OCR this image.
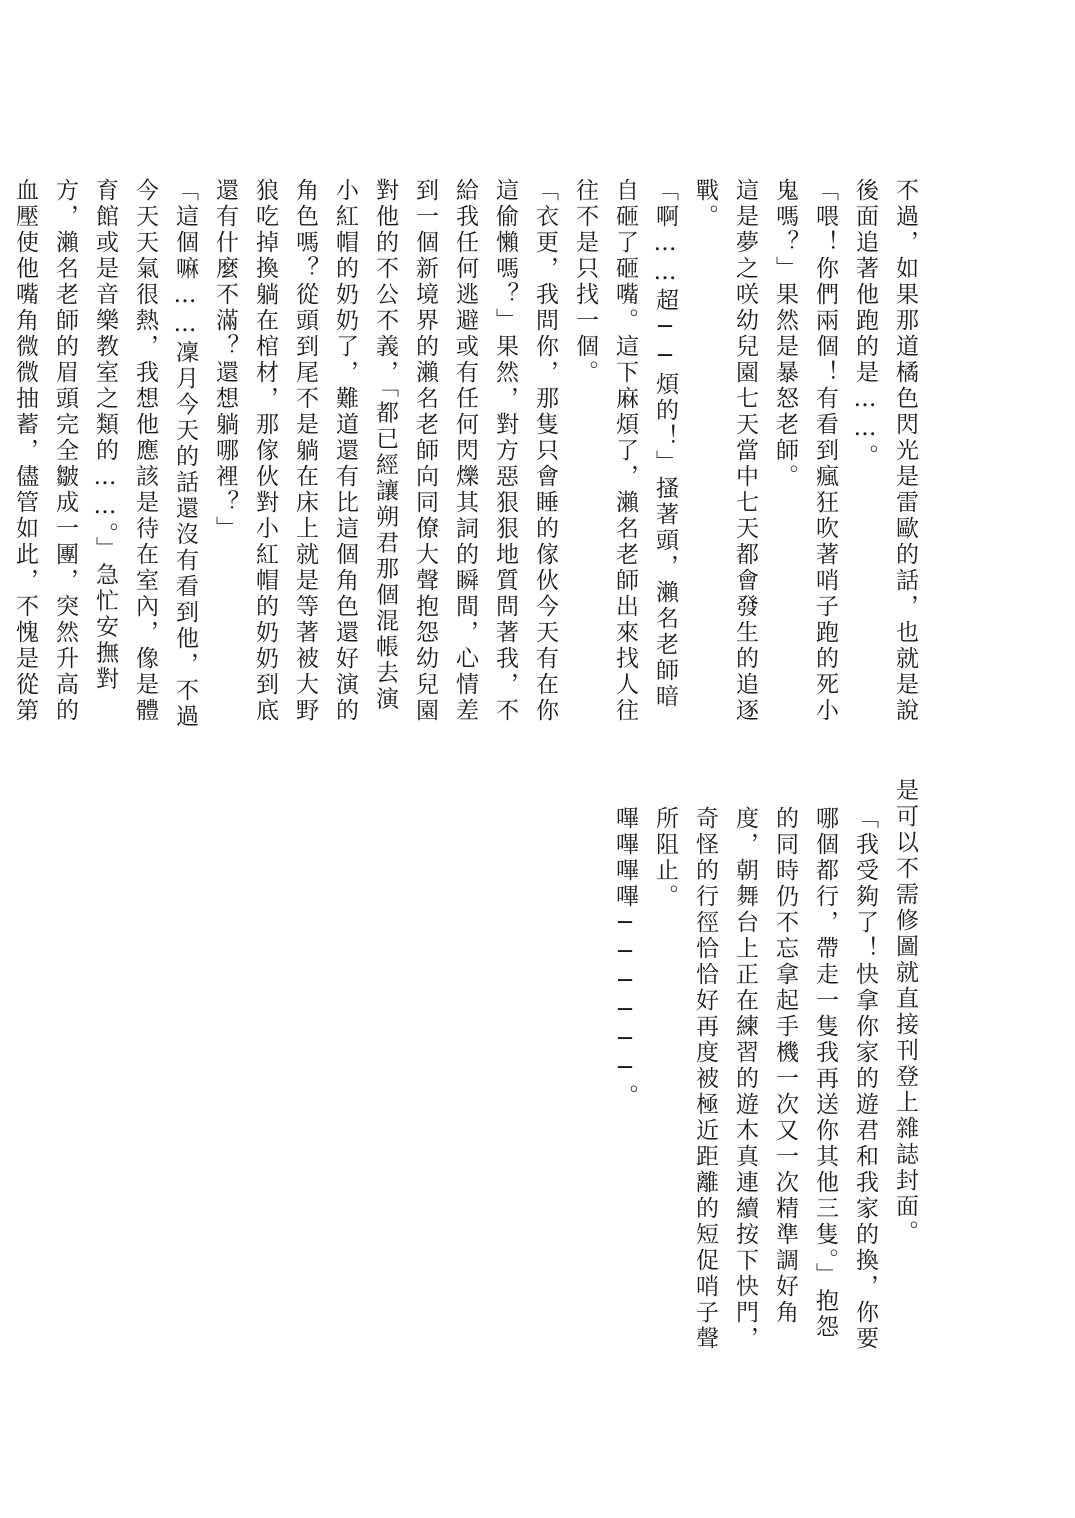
不過，如果那道橘色閃光是雷歐的話，也就是說後面追著他跑的是……。

「喂！你們兩個！有看到瘋狂吹著哨子跑的死小鬼嗎？」果然是暴怒老師。

這是夢之咲幼兒園七天當中七天都會發生的追逐戰。

「啊……超──煩的！」搔著頭，瀨名老師暗自砸了砸嘴。這下麻煩了，瀨名老師出來找人往往不是只找一個。

「衣更，我問你，那隻只會睡的傢伙今天有在你這偷懶嗎？」果然，對方惡狠狠地質問著我，不給我任何逃避或有任何閃爍其詞的瞬間，心情差到一個新境界的瀨名老師向同僚大聲抱怨幼兒園對他的不公不義，「都已經讓朔君那個混帳去演小紅帽的奶奶了，難道還有比這個角色還好演的角色嗎？從頭到尾不是躺在床上就是等著被大野狼吃掉換躺在棺材，那傢伙對小紅帽的奶奶到底還有什麼不滿？還想躺哪裡？」

「這個嘛……凜月今天的話還沒有看到他，不過今天天氣很熱，我想他應該是待在室內，像是體育館或是音樂教室之類的……。」急忙安撫對方，瀨名老師的眉頭完全皺成一團，突然升高的血壓使他嘴角微微抽蓄，儘管如此，不愧是從第

是可以不需修圖就直接刊登上雜誌封面。

「我受夠了！快拿你家的遊君和我家的換，你要哪個都行，帶走一隻我再送你其他三隻。」抱怨的同時仍不忘拿起手機一次又一次精準調好角度，朝舞台上正在練習的遊木真連續按下快門，奇怪的行徑恰恰好再度被極近距離的短促哨子聲所阻止。

嗶嗶嗶嗶──────。
